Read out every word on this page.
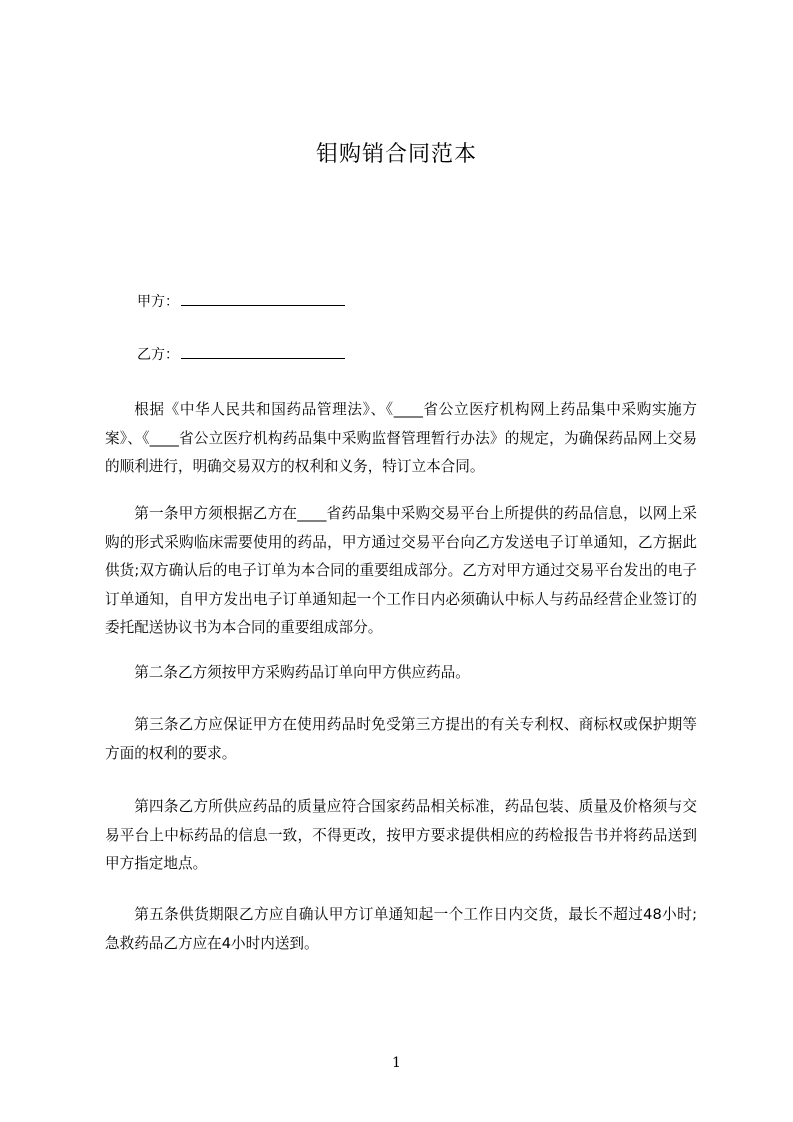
钼购销合同范本
甲方：
乙方：

根据《中华人民共和国药品管理法》、《____省公立医疗机构网上药品集中采购实施方案》、《____省公立医疗机构药品集中采购监督管理暂行办法》的规定，为确保药品网上交易的顺利进行，明确交易双方的权利和义务，特订立本合同。

第一条甲方须根据乙方在____省药品集中采购交易平台上所提供的药品信息，以网上采购的形式采购临床需要使用的药品，甲方通过交易平台向乙方发送电子订单通知，乙方据此供货;双方确认后的电子订单为本合同的重要组成部分。乙方对甲方通过交易平台发出的电子订单通知，自甲方发出电子订单通知起一个工作日内必须确认中标人与药品经营企业签订的委托配送协议书为本合同的重要组成部分。

第二条乙方须按甲方采购药品订单向甲方供应药品。

第三条乙方应保证甲方在使用药品时免受第三方提出的有关专利权、商标权或保护期等方面的权利的要求。

第四条乙方所供应药品的质量应符合国家药品相关标准，药品包装、质量及价格须与交易平台上中标药品的信息一致，不得更改，按甲方要求提供相应的药检报告书并将药品送到甲方指定地点。

第五条供货期限乙方应自确认甲方订单通知起一个工作日内交货，最长不超过48小时;急救药品乙方应在4小时内送到。

1
